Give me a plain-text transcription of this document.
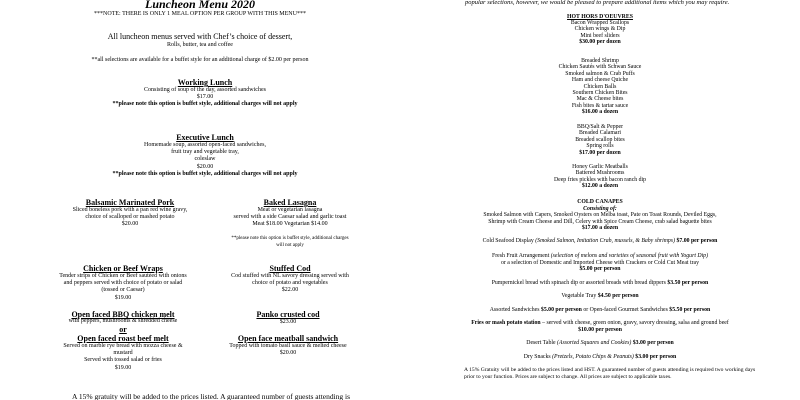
Luncheon Menu 2020
***NOTE: THERE IS ONLY 1 MEAL OPTION PER GROUP WITH THIS MENU***
All luncheon menus served with Chef’s choice of dessert,
Rolls, butter, tea and coffee
**all selections are available for a buffet style for an additional charge of $2.00 per person
Working Lunch
Consisting of soup of the day, assorted sandwiches
$17.00
**please note this option is buffet style, additional charges will not apply
Executive Lunch
Homemade soup, assorted open-faced sandwiches,
fruit tray and vegetable tray,
coleslaw
$20.00
**please note this option is buffet style, additional charges will not apply
Balsamic Marinated Pork
Sliced boneless pork with a pan red wine gravy,
choice of scalloped or mashed potato
$20.00
Baked Lasagna
Meat or vegetarian lasagna
served with a side Caesar salad and garlic toast
Meat $18.00 Vegetarian $14.00
**please note this option is buffet style, additional charges
will not apply
Chicken or Beef Wraps
Tender strips of Chicken or Beef sautéed with onions
and peppers served with choice of potato or salad
(tossed or Caesar)
$19.00
Stuffed Cod
Cod stuffed with NL savory dressing served with
choice of potato and vegetables
$22.00
Open faced BBQ chicken melt
with peppers, mushrooms & shredded cheese
or
Open faced roast beef melt
Served on marble rye bread with mozza cheese &
mustard
Served with tossed salad or fries
$19.00
Panko crusted cod
$23.00
Open face meatball sandwich
Topped with tomato basil sauce & melted cheese
$20.00
A 15% gratuity will be added to the prices listed. A guaranteed number of guests attending is
popular selections, however, we would be pleased to prepare additional items which you may require.
HOT HORS D'OEUVRES
Bacon Wrapped Scallops
Chicken wings & Dip
Mini beef sliders
$30.00 per dozen
Breaded Shrimp
Chicken Sautés with Schwan Sauce
Smoked salmon & Crab Puffs
Ham and cheese Quiche
Chicken Balls
Southern Chicken Bites
Mac & Cheese bites
Fish bites & tartar sauce
$16.00 a dozen
BBQ/Salt & Pepper
Breaded Calamari
Breaded scallop bites
Spring rolls
$17.00 per dozen
Honey Garlic Meatballs
Battered Mushrooms
Deep fries pickles with bacon ranch dip
$12.00 a dozen
COLD CANAPES
Consisting of:
Smoked Salmon with Capers, Smoked Oysters on Melba toast, Pate on Toast Rounds, Deviled Eggs,
Shrimp with Cream Cheese and Dill, Celery with Spice Cream Cheese, crab salad baguette bites
$17.00 a dozen
Cold Seafood Display (Smoked Salmon, Imitation Crab, mussels, & Baby shrimps) $7.00 per person
Fresh Fruit Arrangement (selection of melons and varieties of seasonal fruit with Yogurt Dip)
or a selection of Domestic and Imported Cheese with Crackers or Cold Cut Meat tray
$5.00 per person
Pumpernickel bread with spinach dip or assorted breads with bread dippers $3.50 per person
Vegetable Tray $4.50 per person
Assorted Sandwiches $5.00 per person or Open-faced Gourmet Sandwiches $5.50 per person
Fries or mash potato station – served with cheese, green onion, gravy, savory dressing, salsa and ground beef
$10.00 per person
Desert Table (Assorted Squares and Cookies) $3.00 per person
Dry Snacks (Pretzels, Potato Chips & Peanuts) $3.00 per person
A 15% Gratuity will be added to the prices listed and HST. A guaranteed number of guests attending is required two working days prior to your function. Prices are subject to change. All prices are subject to applicable taxes.
